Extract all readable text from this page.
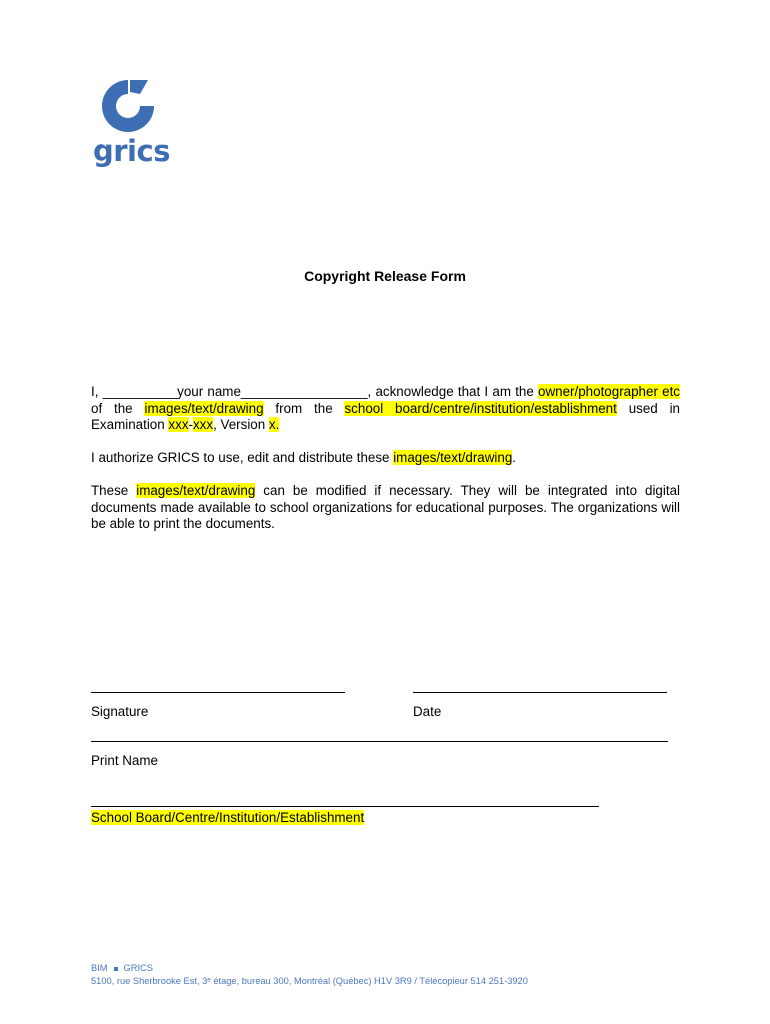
grics
Copyright Release Form
I, __________your name_________________, acknowledge that I am the owner/photographer etc of the images/text/drawing from the school board/centre/institution/establishment used in Examination xxx-xxx, Version x.
I authorize GRICS to use, edit and distribute these images/text/drawing.
These images/text/drawing can be modified if necessary. They will be integrated into digital documents made available to school organizations for educational purposes. The organizations will be able to print the documents.
Signature	Date
Print Name
School Board/Centre/Institution/Establishment
BIM GRICS
5100, rue Sherbrooke Est, 3ᵉ étage, bureau 300, Montréal (Québec) H1V 3R9 / Télécopieur 514 251-3920
